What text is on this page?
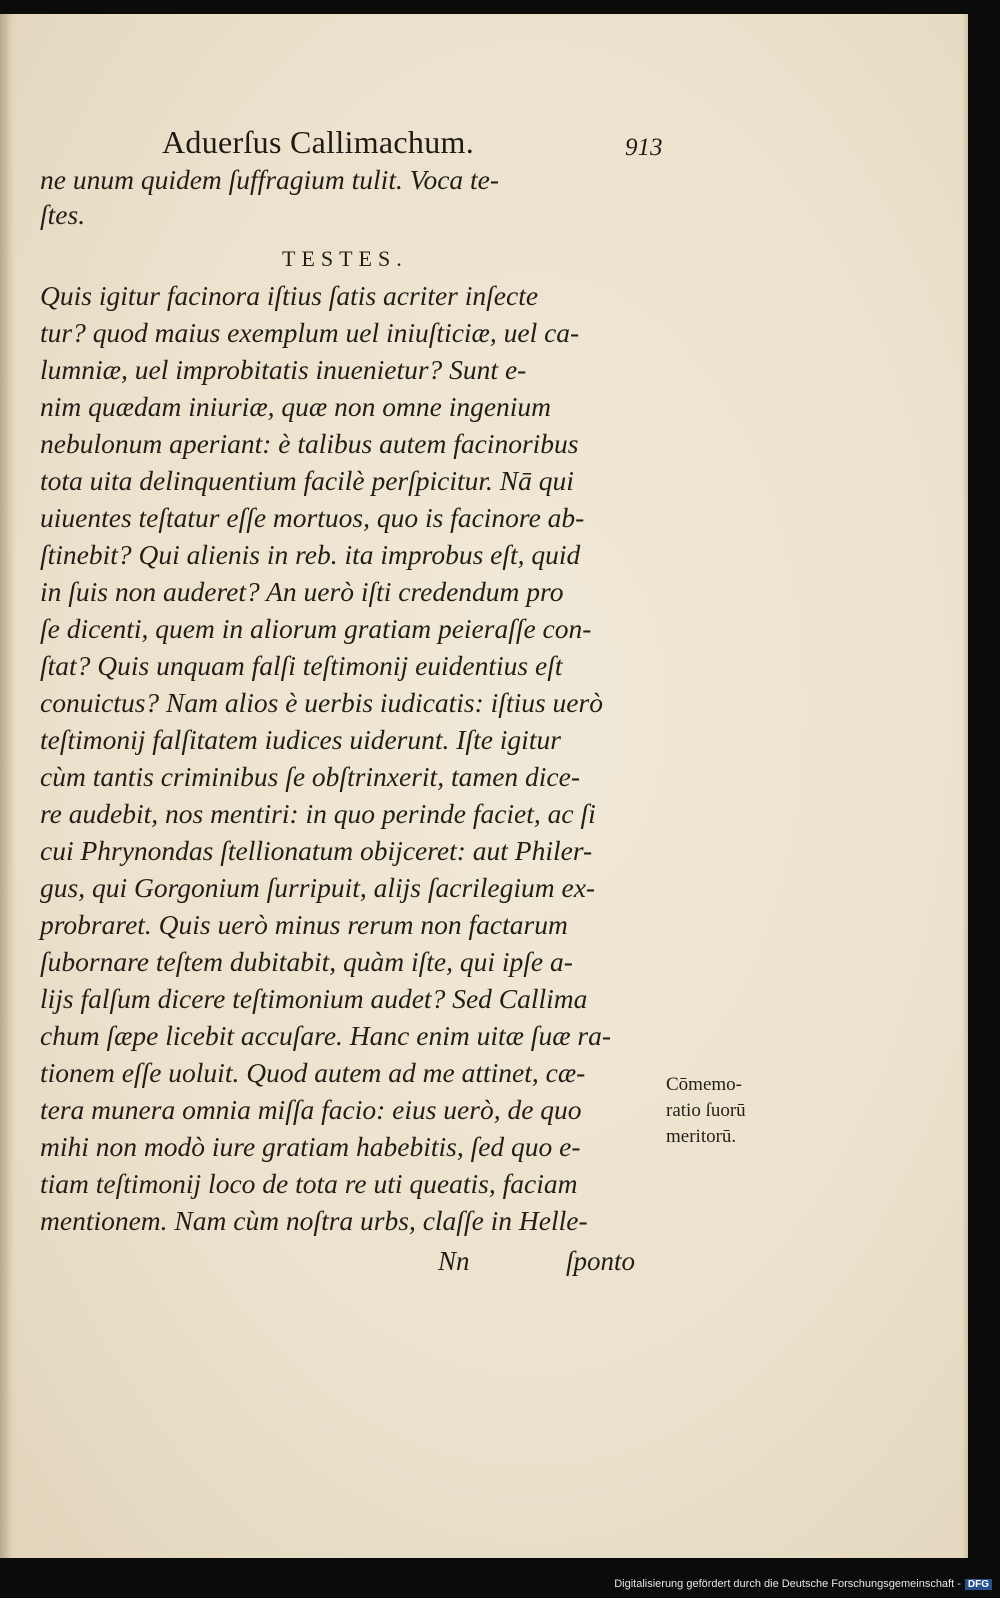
Aduerſus Callimachum.	913
ne unum quidem ſuffragium tulit. Voca te-
ſtes.
TESTES.
Quis igitur facinora iſtius ſatis acriter inſecte
tur? quod maius exemplum uel iniuſticiæ, uel ca-
lumniæ, uel improbitatis inuenietur? Sunt e-
nim quædam iniuriæ, quæ non omne ingenium
nebulonum aperiant: è talibus autem facinoribus
tota uita delinquentium facilè perſpicitur. Nā qui
uiuentes teſtatur eſſe mortuos, quo is facinore ab-
ſtinebit? Qui alienis in reb. ita improbus eſt, quid
in ſuis non auderet? An uerò iſti credendum pro
ſe dicenti, quem in aliorum gratiam peieraſſe con-
ſtat? Quis unquam falſi teſtimonij euidentius eſt
conuictus? Nam alios è uerbis iudicatis: iſtius uerò
teſtimonij falſitatem iudices uiderunt. Iſte igitur
cùm tantis criminibus ſe obſtrinxerit, tamen dice-
re audebit, nos mentiri: in quo perinde faciet, ac ſi
cui Phrynondas ſtellionatum obijceret: aut Philer-
gus, qui Gorgonium ſurripuit, alijs ſacrilegium ex-
probraret. Quis uerò minus rerum non factarum
ſubornare teſtem dubitabit, quàm iſte, qui ipſe a-
lijs falſum dicere teſtimonium audet? Sed Callima
chum ſæpe licebit accuſare. Hanc enim uitæ ſuæ ra-
tionem eſſe uoluit. Quod autem ad me attinet, cæ-
tera munera omnia miſſa facio: eius uerò, de quo
mihi non modò iure gratiam habebitis, ſed quo e-
tiam teſtimonij loco de tota re uti queatis, faciam
mentionem. Nam cùm noſtra urbs, claſſe in Helle-
Cōmemo-
ratio ſuorū
meritorū.
Nn	ſponto
Digitalisierung gefördert durch die Deutsche Forschungsgemeinschaft - DFG
